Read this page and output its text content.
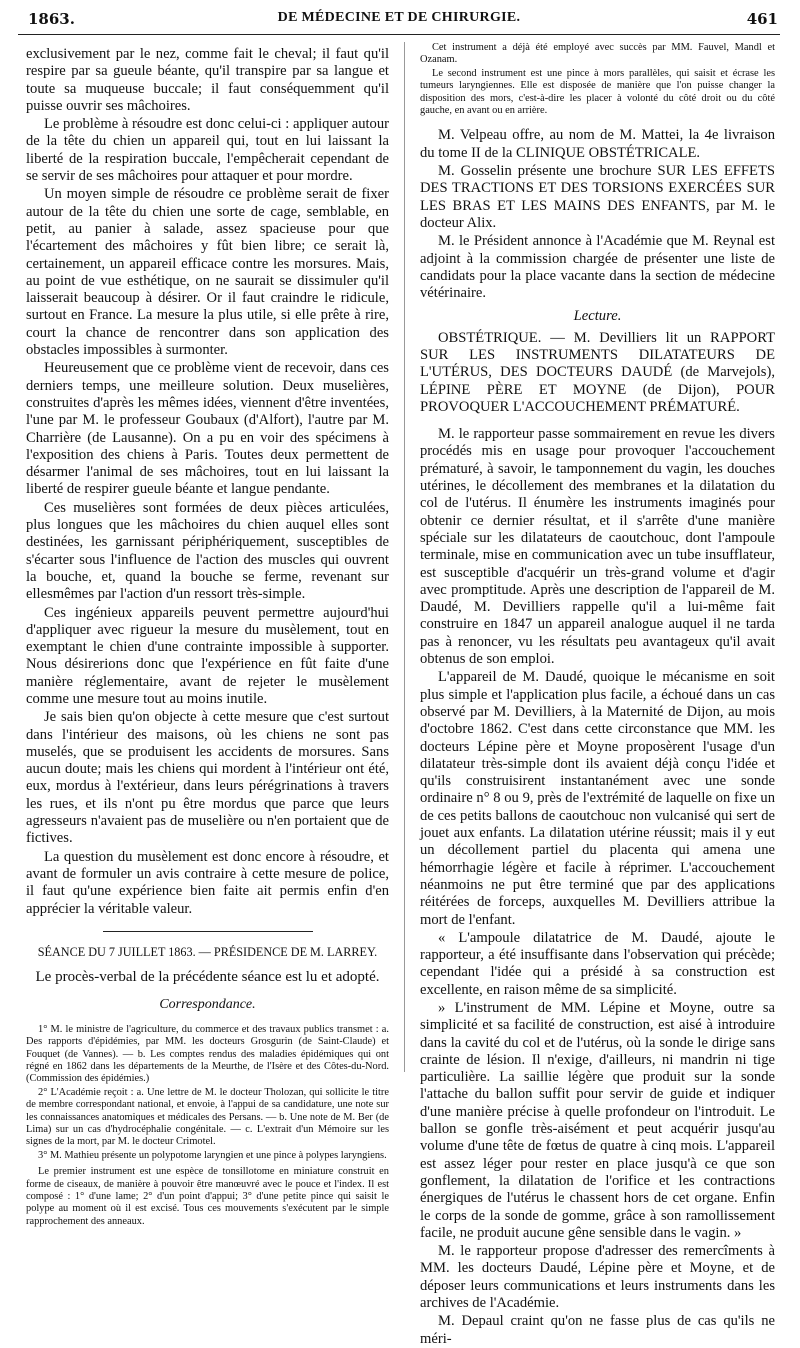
1863.	DE MÉDECINE ET DE CHIRURGIE.	461

exclusivement par le nez, comme fait le cheval; il faut qu'il respire par sa gueule béante, qu'il transpire par sa langue et toute sa muqueuse buccale; il faut conséquemment qu'il puisse ouvrir ses mâchoires.

Le problème à résoudre est donc celui-ci : appliquer autour de la tête du chien un appareil qui, tout en lui laissant la liberté de la respiration buccale, l'empêcherait cependant de se servir de ses mâchoires pour attaquer et pour mordre.

Un moyen simple de résoudre ce problème serait de fixer autour de la tête du chien une sorte de cage, semblable, en petit, au panier à salade, assez spacieuse pour que l'écartement des mâchoires y fût bien libre; ce serait là, certainement, un appareil efficace contre les morsures. Mais, au point de vue esthétique, on ne saurait se dissimuler qu'il laisserait beaucoup à désirer. Or il faut craindre le ridicule, surtout en France. La mesure la plus utile, si elle prête à rire, court la chance de rencontrer dans son application des obstacles impossibles à surmonter.

Heureusement que ce problème vient de recevoir, dans ces derniers temps, une meilleure solution. Deux muselières, construites d'après les mêmes idées, viennent d'être inventées, l'une par M. le professeur Goubaux (d'Alfort), l'autre par M. Charrière (de Lausanne). On a pu en voir des spécimens à l'exposition des chiens à Paris. Toutes deux permettent de désarmer l'animal de ses mâchoires, tout en lui laissant la liberté de respirer gueule béante et langue pendante.

Ces muselières sont formées de deux pièces articulées, plus longues que les mâchoires du chien auquel elles sont destinées, les garnissant périphériquement, susceptibles de s'écarter sous l'influence de l'action des muscles qui ouvrent la bouche, et, quand la bouche se ferme, revenant sur ellesmêmes par l'action d'un ressort très-simple.

Ces ingénieux appareils peuvent permettre aujourd'hui d'appliquer avec rigueur la mesure du musèlement, tout en exemptant le chien d'une contrainte impossible à supporter. Nous désirerions donc que l'expérience en fût faite d'une manière réglementaire, avant de rejeter le musèlement comme une mesure tout au moins inutile.

Je sais bien qu'on objecte à cette mesure que c'est surtout dans l'intérieur des maisons, où les chiens ne sont pas muselés, que se produisent les accidents de morsures. Sans aucun doute; mais les chiens qui mordent à l'intérieur ont été, eux, mordus à l'extérieur, dans leurs pérégrinations à travers les rues, et ils n'ont pu être mordus que parce que leurs agresseurs n'avaient pas de muselière ou n'en portaient que de fictives.

La question du musèlement est donc encore à résoudre, et avant de formuler un avis contraire à cette mesure de police, il faut qu'une expérience bien faite ait permis enfin d'en apprécier la véritable valeur.

SÉANCE DU 7 JUILLET 1863. — PRÉSIDENCE DE M. LARREY.

Le procès-verbal de la précédente séance est lu et adopté.

Correspondance.

1° M. le ministre de l'agriculture, du commerce et des travaux publics transmet : a. Des rapports d'épidémies, par MM. les docteurs Grosgurin (de Saint-Claude) et Fouquet (de Vannes). — b. Les comptes rendus des maladies épidémiques qui ont régné en 1862 dans les départements de la Meurthe, de l'Isère et des Côtes-du-Nord. (Commission des épidémies.)

2° L'Académie reçoit : a. Une lettre de M. le docteur Tholozan, qui sollicite le titre de membre correspondant national, et envoie, à l'appui de sa candidature, une note sur les connaissances anatomiques et médicales des Persans. — b. Une note de M. Ber (de Lima) sur un cas d'hydrocéphalie congénitale. — c. L'extrait d'un Mémoire sur les signes de la mort, par M. le docteur Crimotel.

3° M. Mathieu présente un polypotome laryngien et une pince à polypes laryngiens.

Le premier instrument est une espèce de tonsillotome en miniature construit en forme de ciseaux, de manière à pouvoir être manœuvré avec le pouce et l'index. Il est composé : 1° d'une lame; 2° d'un point d'appui; 3° d'une petite pince qui saisit le polype au moment où il est excisé. Tous ces mouvements s'exécutent par le simple rapprochement des anneaux.

Cet instrument a déjà été employé avec succès par MM. Fauvel, Mandl et Ozanam.

Le second instrument est une pince à mors parallèles, qui saisit et écrase les tumeurs laryngiennes. Elle est disposée de manière que l'on puisse changer la disposition des mors, c'est-à-dire les placer à volonté du côté droit ou du côté gauche, en avant ou en arrière.

M. Velpeau offre, au nom de M. Mattei, la 4e livraison du tome II de la CLINIQUE OBSTÉTRICALE.

M. Gosselin présente une brochure SUR LES EFFETS DES TRACTIONS ET DES TORSIONS EXERCÉES SUR LES BRAS ET LES MAINS DES ENFANTS, par M. le docteur Alix.

M. le Président annonce à l'Académie que M. Reynal est adjoint à la commission chargée de présenter une liste de candidats pour la place vacante dans la section de médecine vétérinaire.

Lecture.

OBSTÉTRIQUE. — M. Devilliers lit un RAPPORT SUR LES INSTRUMENTS DILATATEURS DE L'UTÉRUS, DES DOCTEURS DAUDÉ (de Marvejols), LÉPINE PÈRE ET MOYNE (de Dijon), POUR PROVOQUER L'ACCOUCHEMENT PRÉMATURÉ.

M. le rapporteur passe sommairement en revue les divers procédés mis en usage pour provoquer l'accouchement prématuré, à savoir, le tamponnement du vagin, les douches utérines, le décollement des membranes et la dilatation du col de l'utérus. Il énumère les instruments imaginés pour obtenir ce dernier résultat, et il s'arrête d'une manière spéciale sur les dilatateurs de caoutchouc, dont l'ampoule terminale, mise en communication avec un tube insufflateur, est susceptible d'acquérir un très-grand volume et d'agir avec promptitude. Après une description de l'appareil de M. Daudé, M. Devilliers rappelle qu'il a lui-même fait construire en 1847 un appareil analogue auquel il ne tarda pas à renoncer, vu les résultats peu avantageux qu'il avait obtenus de son emploi.

L'appareil de M. Daudé, quoique le mécanisme en soit plus simple et l'application plus facile, a échoué dans un cas observé par M. Devilliers, à la Maternité de Dijon, au mois d'octobre 1862. C'est dans cette circonstance que MM. les docteurs Lépine père et Moyne proposèrent l'usage d'un dilatateur très-simple dont ils avaient déjà conçu l'idée et qu'ils construisirent instantanément avec une sonde ordinaire n° 8 ou 9, près de l'extrémité de laquelle on fixe un de ces petits ballons de caoutchouc non vulcanisé qui sert de jouet aux enfants. La dilatation utérine réussit; mais il y eut un décollement partiel du placenta qui amena une hémorrhagie légère et facile à réprimer. L'accouchement néanmoins ne put être terminé que par des applications réitérées de forceps, auxquelles M. Devilliers attribue la mort de l'enfant.

« L'ampoule dilatatrice de M. Daudé, ajoute le rapporteur, a été insuffisante dans l'observation qui précède; cependant l'idée qui a présidé à sa construction est excellente, en raison même de sa simplicité.

» L'instrument de MM. Lépine et Moyne, outre sa simplicité et sa facilité de construction, est aisé à introduire dans la cavité du col et de l'utérus, où la sonde le dirige sans crainte de lésion. Il n'exige, d'ailleurs, ni mandrin ni tige particulière. La saillie légère que produit sur la sonde l'attache du ballon suffit pour servir de guide et indiquer d'une manière précise à quelle profondeur on l'introduit. Le ballon se gonfle très-aisément et peut acquérir jusqu'au volume d'une tête de fœtus de quatre à cinq mois. L'appareil est assez léger pour rester en place jusqu'à ce que son gonflement, la dilatation de l'orifice et les contractions énergiques de l'utérus le chassent hors de cet organe. Enfin le corps de la sonde de gomme, grâce à son ramollissement facile, ne produit aucune gêne sensible dans le vagin. »

M. le rapporteur propose d'adresser des remercîments à MM. les docteurs Daudé, Lépine père et Moyne, et de déposer leurs communications et leurs instruments dans les archives de l'Académie.

M. Depaul craint qu'on ne fasse plus de cas qu'ils ne méri-
